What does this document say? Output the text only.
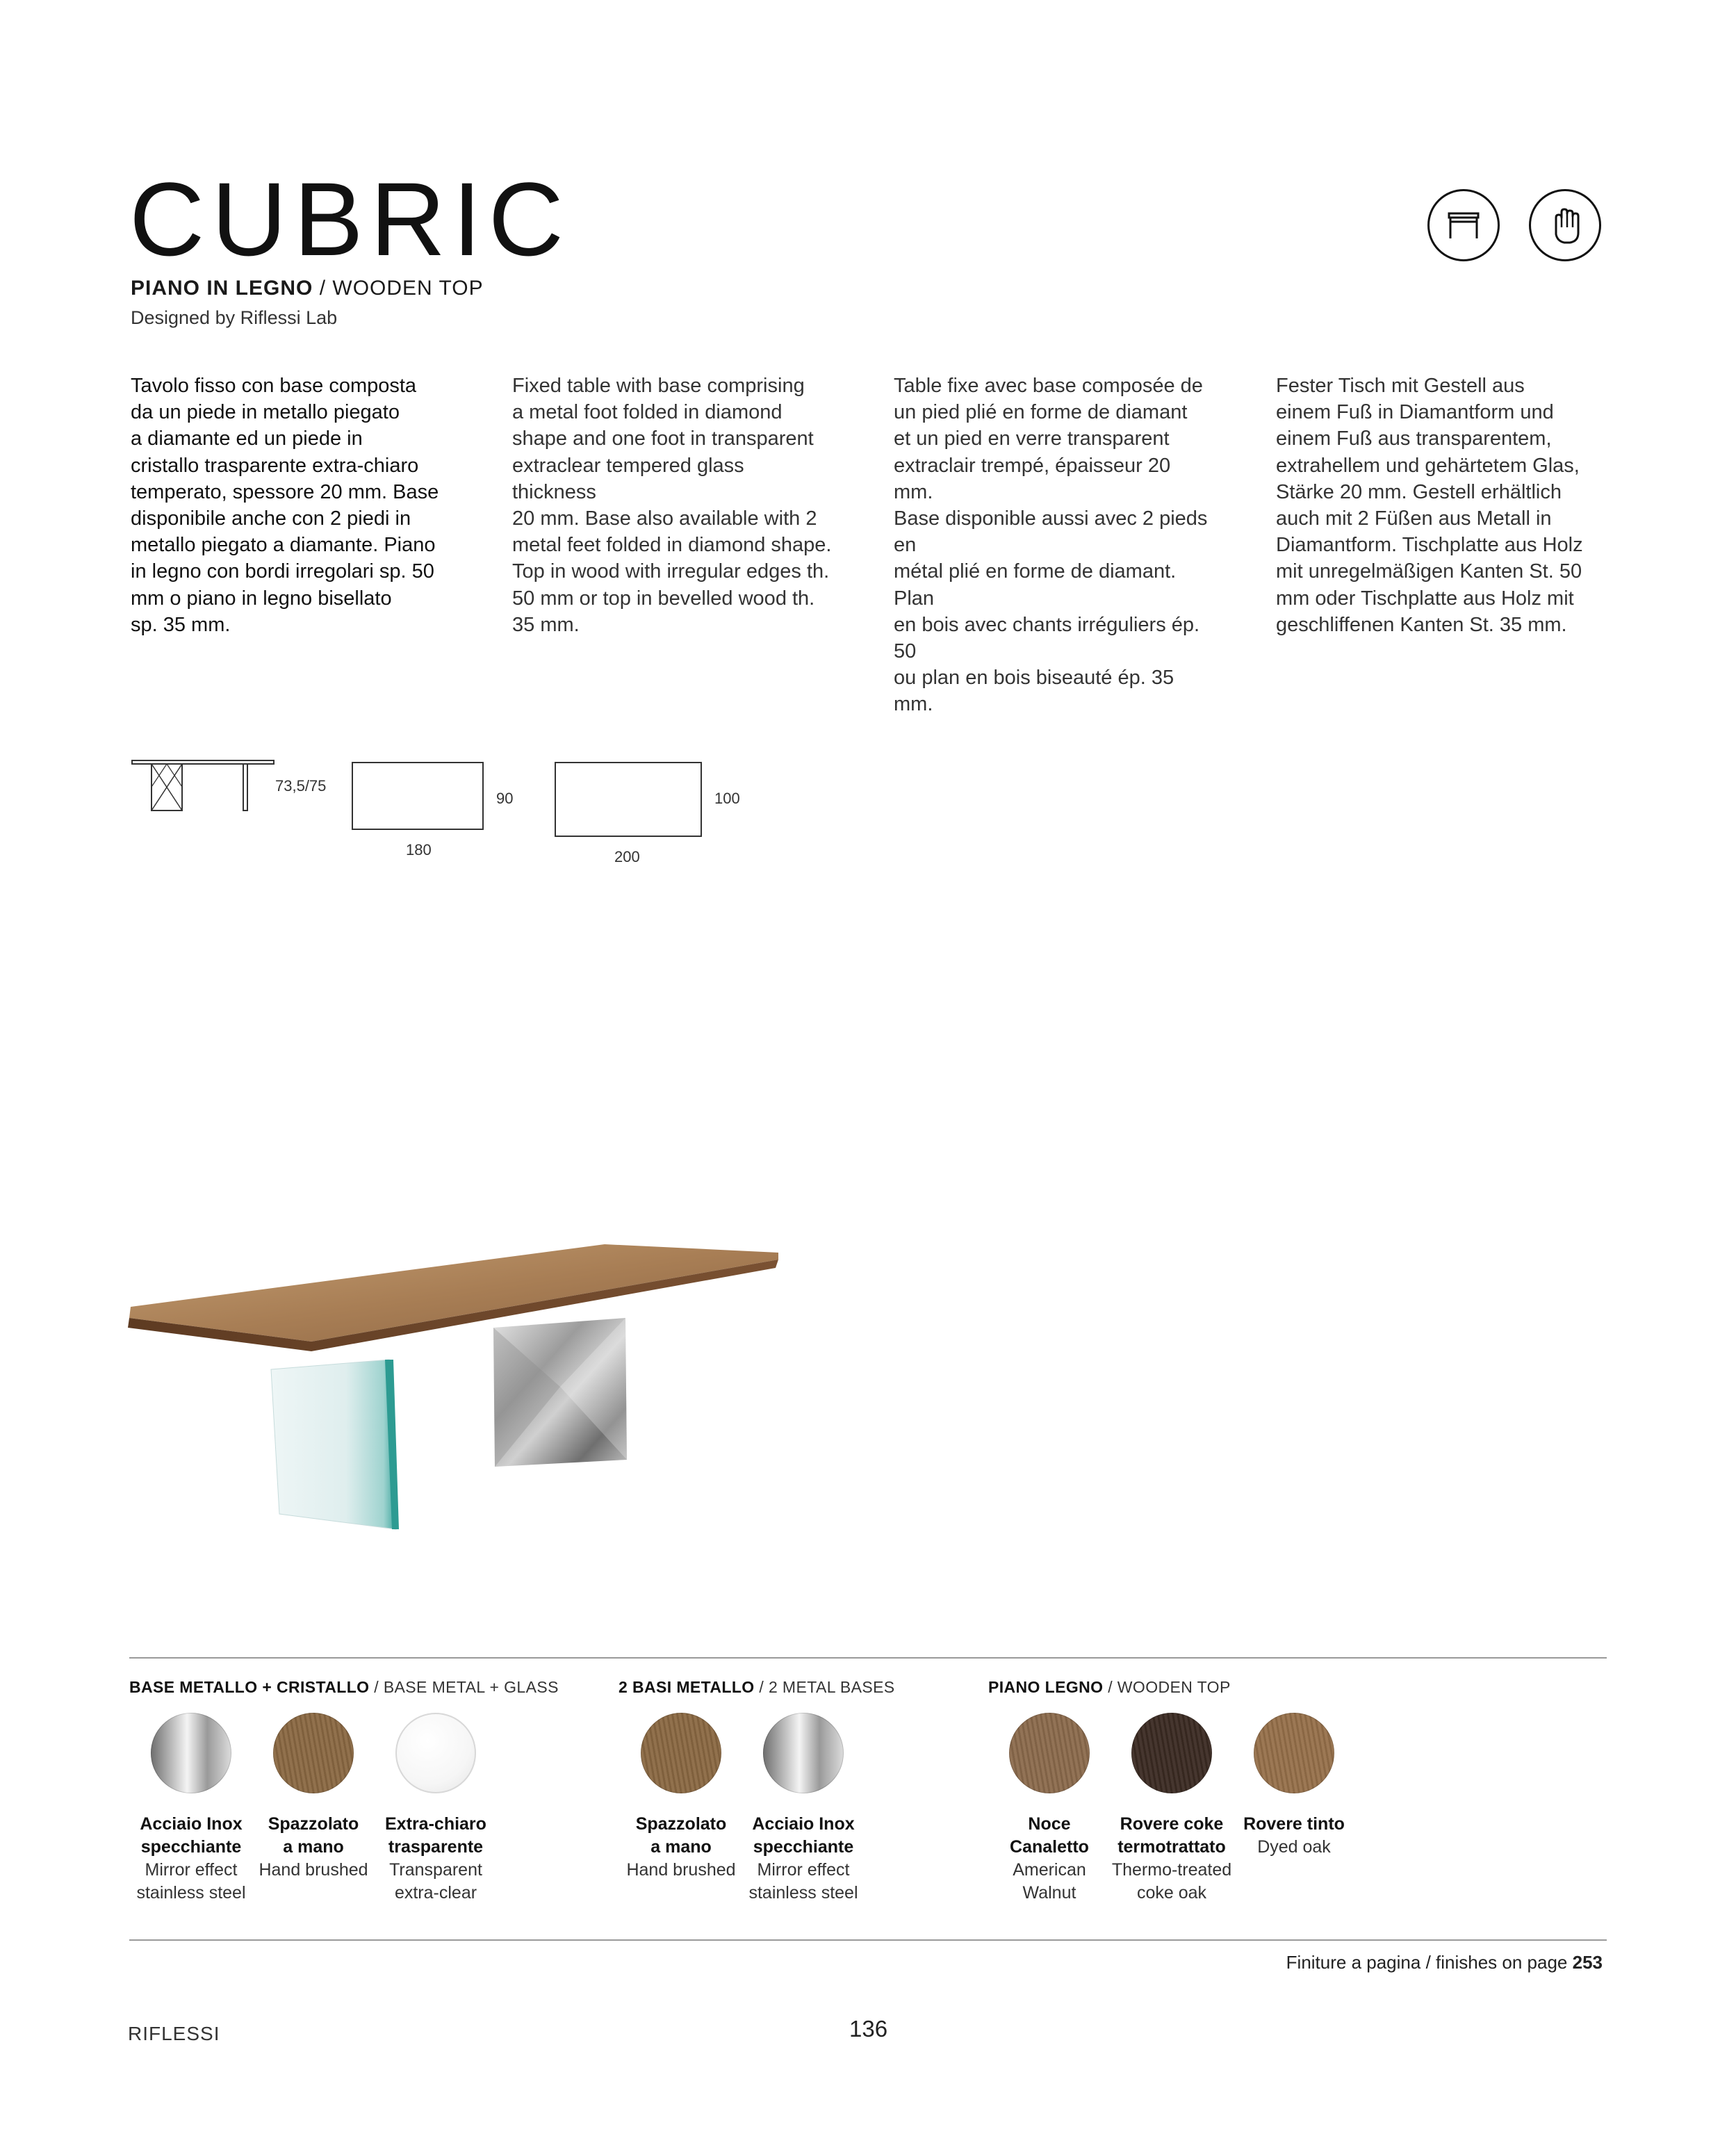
CUBRIC
PIANO IN LEGNO / WOODEN TOP
Designed by Riflessi Lab
Tavolo fisso con base composta
da un piede in metallo piegato
a diamante ed un piede in
cristallo trasparente extra-chiaro
temperato, spessore 20 mm. Base
disponibile anche con 2 piedi in
metallo piegato a diamante. Piano
in legno con bordi irregolari sp. 50
mm o piano in legno bisellato
sp. 35 mm.
Fixed table with base comprising
a metal foot folded in diamond
shape and one foot in transparent
extraclear tempered glass thickness
20 mm. Base also available with 2
metal feet folded in diamond shape.
Top in wood with irregular edges th.
50 mm or top in bevelled wood th.
35 mm.
Table fixe avec base composée de
un pied plié en forme de diamant
et un pied en verre transparent
extraclair trempé, épaisseur 20 mm.
Base disponible aussi avec 2 pieds en
métal plié en forme de diamant. Plan
en bois avec chants irréguliers ép. 50
ou plan en bois biseauté ép. 35 mm.
Fester Tisch mit Gestell aus
einem Fuß in Diamantform und
einem Fuß aus transparentem,
extrahellem und gehärtetem Glas,
Stärke 20 mm. Gestell erhältlich
auch mit 2 Füßen aus Metall in
Diamantform. Tischplatte aus Holz
mit unregelmäßigen Kanten St. 50
mm oder Tischplatte aus Holz mit
geschliffenen Kanten St. 35 mm.
73,5/75
90
180
100
200
BASE METALLO + CRISTALLO / BASE METAL + GLASS	2 BASI METALLO / 2 METAL BASES	PIANO LEGNO / WOODEN TOP
Acciaio Inox
specchiante
Mirror effect
stainless steel
Spazzolato
a mano
Hand brushed
Extra-chiaro
trasparente
Transparent
extra-clear
Spazzolato
a mano
Hand brushed
Acciaio Inox
specchiante
Mirror effect
stainless steel
Noce
Canaletto
American
Walnut
Rovere coke
termotrattato
Thermo-treated
coke oak
Rovere tinto
Dyed oak
Finiture a pagina / finishes on page 253
RIFLESSI	136
